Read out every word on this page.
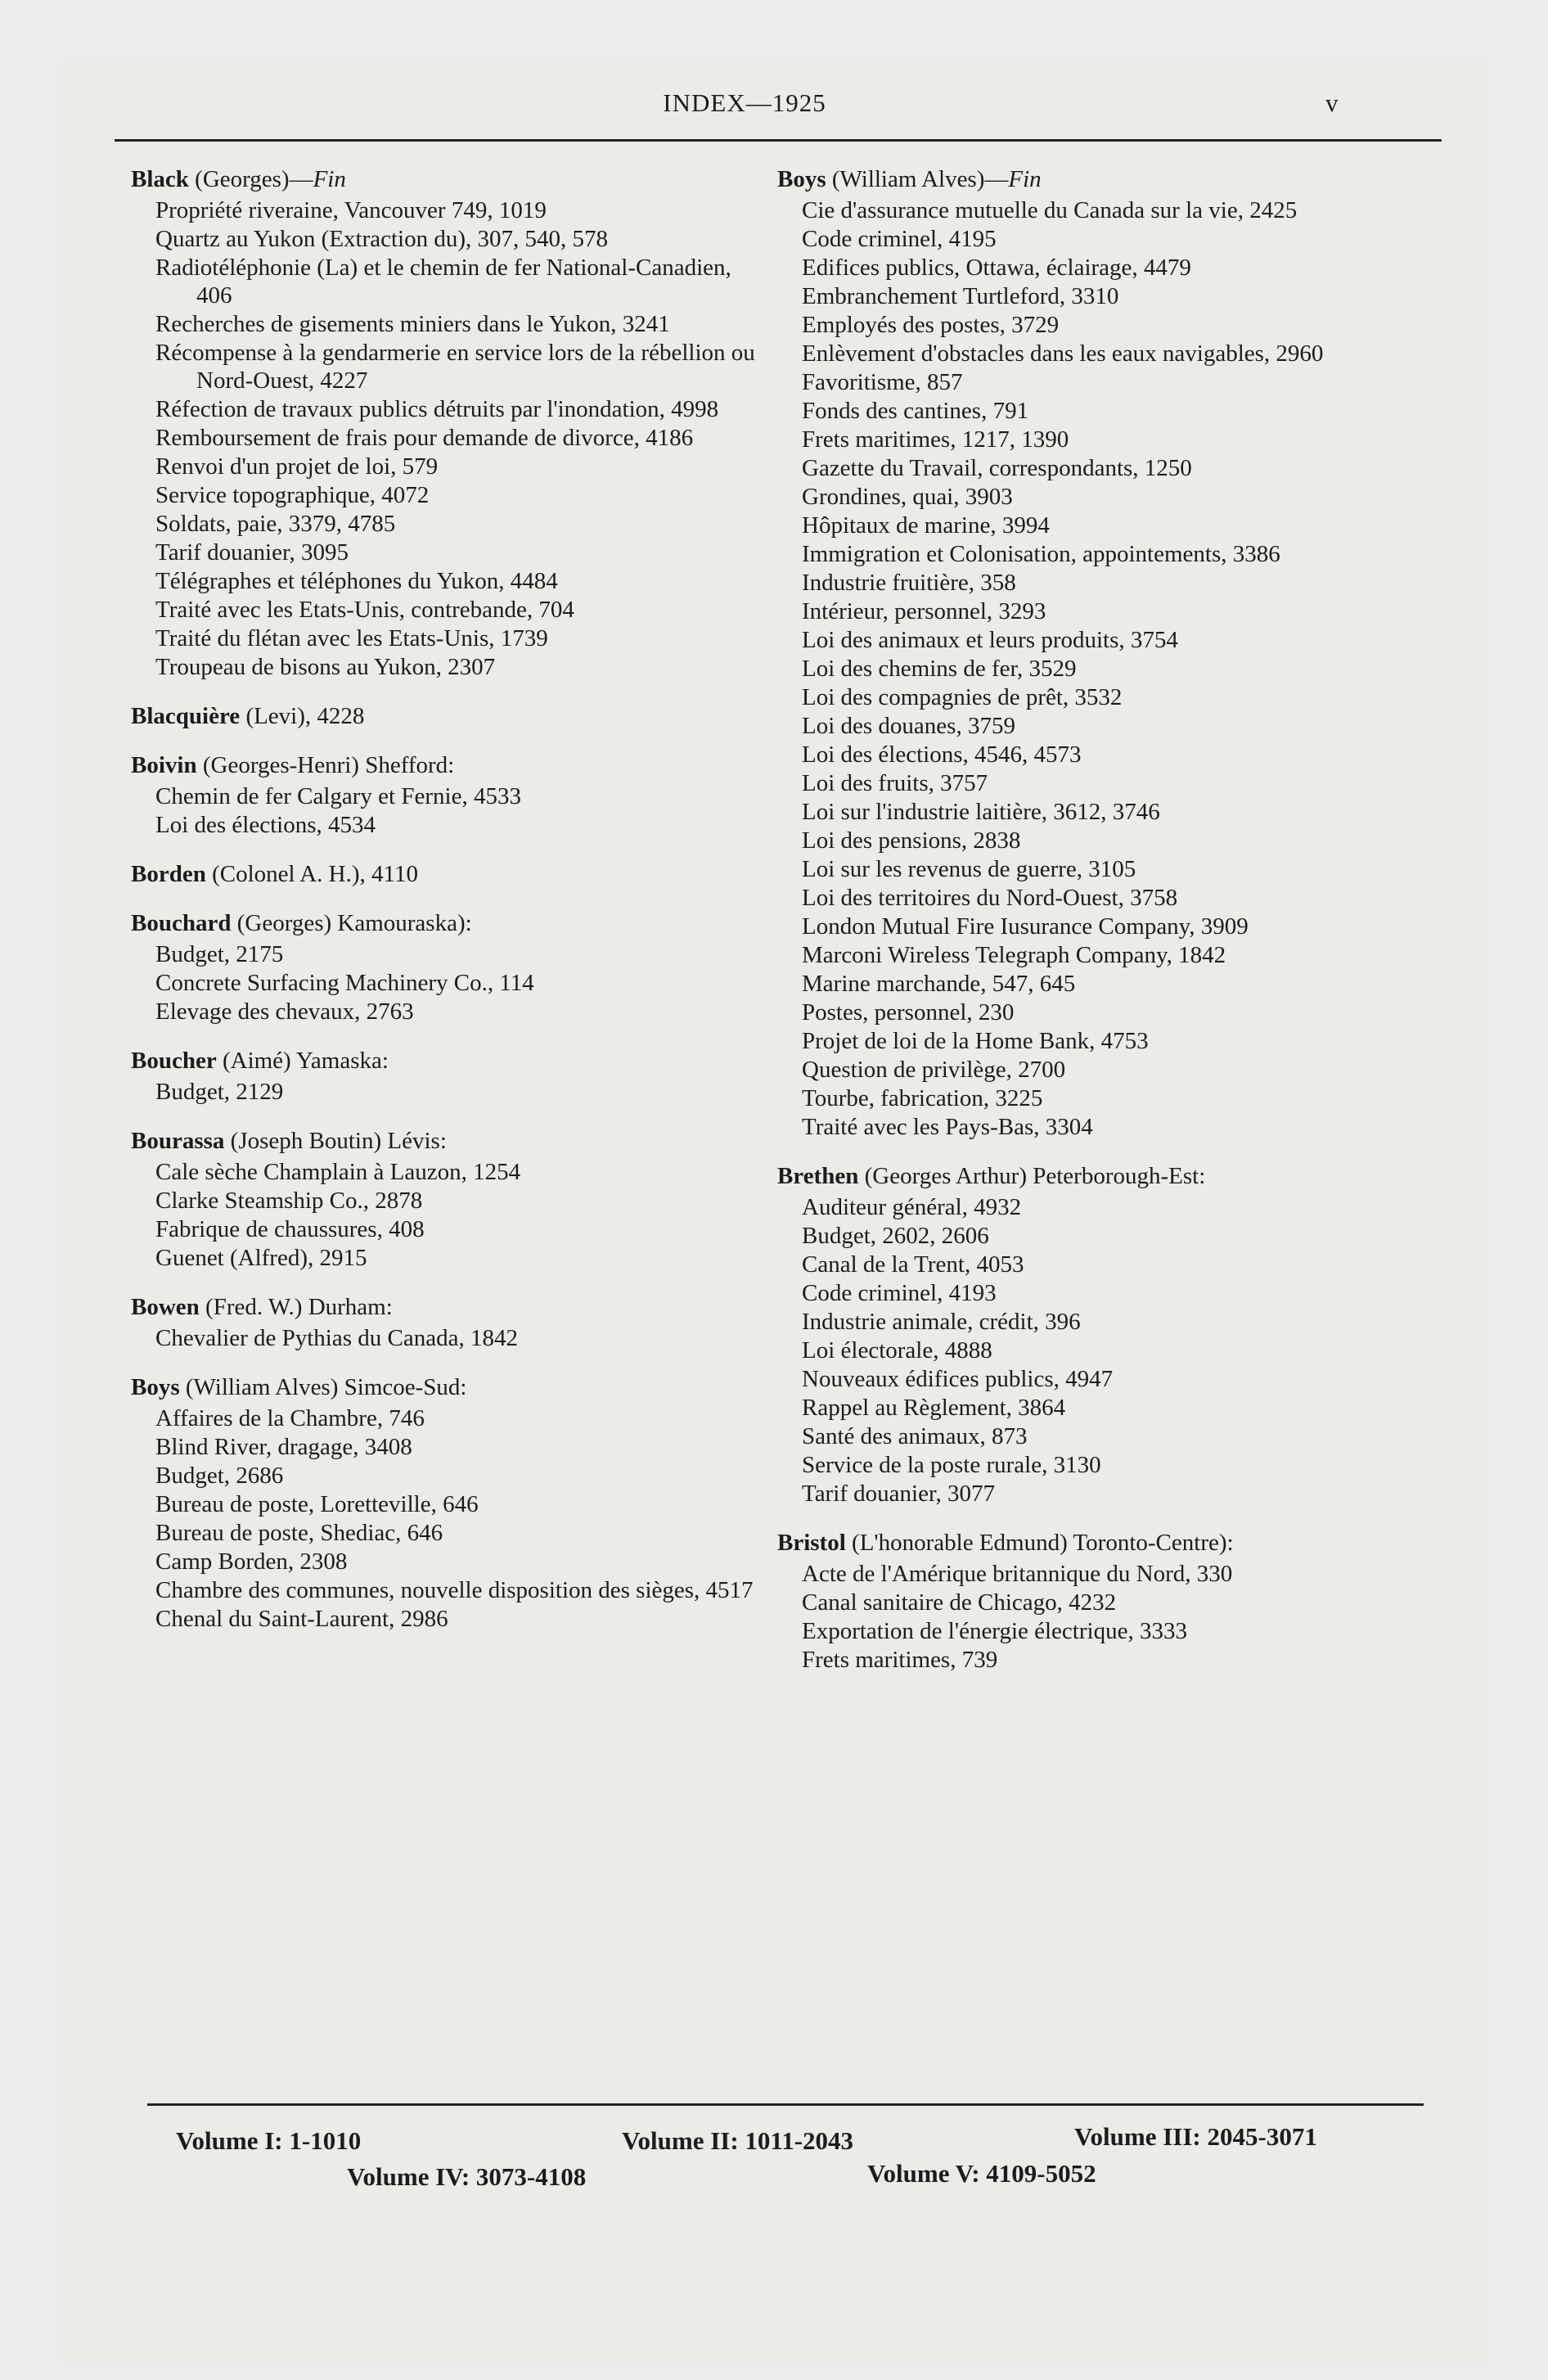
INDEX—1925	v
Black (Georges)—Fin
Propriété riveraine, Vancouver 749, 1019
Quartz au Yukon (Extraction du), 307, 540, 578
Radiotéléphonie (La) et le chemin de fer National-Canadien, 406
Recherches de gisements miniers dans le Yukon, 3241
Récompense à la gendarmerie en service lors de la rébellion ou Nord-Ouest, 4227
Réfection de travaux publics détruits par l'inondation, 4998
Remboursement de frais pour demande de divorce, 4186
Renvoi d'un projet de loi, 579
Service topographique, 4072
Soldats, paie, 3379, 4785
Tarif douanier, 3095
Télégraphes et téléphones du Yukon, 4484
Traité avec les Etats-Unis, contrebande, 704
Traité du flétan avec les Etats-Unis, 1739
Troupeau de bisons au Yukon, 2307
Blacquière (Levi), 4228
Boivin (Georges-Henri) Shefford:
Chemin de fer Calgary et Fernie, 4533
Loi des élections, 4534
Borden (Colonel A. H.), 4110
Bouchard (Georges) Kamouraska):
Budget, 2175
Concrete Surfacing Machinery Co., 114
Elevage des chevaux, 2763
Boucher (Aimé) Yamaska:
Budget, 2129
Bourassa (Joseph Boutin) Lévis:
Cale sèche Champlain à Lauzon, 1254
Clarke Steamship Co., 2878
Fabrique de chaussures, 408
Guenet (Alfred), 2915
Bowen (Fred. W.) Durham:
Chevalier de Pythias du Canada, 1842
Boys (William Alves) Simcoe-Sud:
Affaires de la Chambre, 746
Blind River, dragage, 3408
Budget, 2686
Bureau de poste, Loretteville, 646
Bureau de poste, Shediac, 646
Camp Borden, 2308
Chambre des communes, nouvelle disposition des sièges, 4517
Chenal du Saint-Laurent, 2986
Boys (William Alves)—Fin
Cie d'assurance mutuelle du Canada sur la vie, 2425
Code criminel, 4195
Edifices publics, Ottawa, éclairage, 4479
Embranchement Turtleford, 3310
Employés des postes, 3729
Enlèvement d'obstacles dans les eaux navigables, 2960
Favoritisme, 857
Fonds des cantines, 791
Frets maritimes, 1217, 1390
Gazette du Travail, correspondants, 1250
Grondines, quai, 3903
Hôpitaux de marine, 3994
Immigration et Colonisation, appointements, 3386
Industrie fruitière, 358
Intérieur, personnel, 3293
Loi des animaux et leurs produits, 3754
Loi des chemins de fer, 3529
Loi des compagnies de prêt, 3532
Loi des douanes, 3759
Loi des élections, 4546, 4573
Loi des fruits, 3757
Loi sur l'industrie laitière, 3612, 3746
Loi des pensions, 2838
Loi sur les revenus de guerre, 3105
Loi des territoires du Nord-Ouest, 3758
London Mutual Fire Iusurance Company, 3909
Marconi Wireless Telegraph Company, 1842
Marine marchande, 547, 645
Postes, personnel, 230
Projet de loi de la Home Bank, 4753
Question de privilège, 2700
Tourbe, fabrication, 3225
Traité avec les Pays-Bas, 3304
Brethen (Georges Arthur) Peterborough-Est:
Auditeur général, 4932
Budget, 2602, 2606
Canal de la Trent, 4053
Code criminel, 4193
Industrie animale, crédit, 396
Loi électorale, 4888
Nouveaux édifices publics, 4947
Rappel au Règlement, 3864
Santé des animaux, 873
Service de la poste rurale, 3130
Tarif douanier, 3077
Bristol (L'honorable Edmund) Toronto-Centre):
Acte de l'Amérique britannique du Nord, 330
Canal sanitaire de Chicago, 4232
Exportation de l'énergie électrique, 3333
Frets maritimes, 739
Volume I: 1-1010	Volume II: 1011-2043	Volume III: 2045-3071
Volume IV: 3073-4108	Volume V: 4109-5052
